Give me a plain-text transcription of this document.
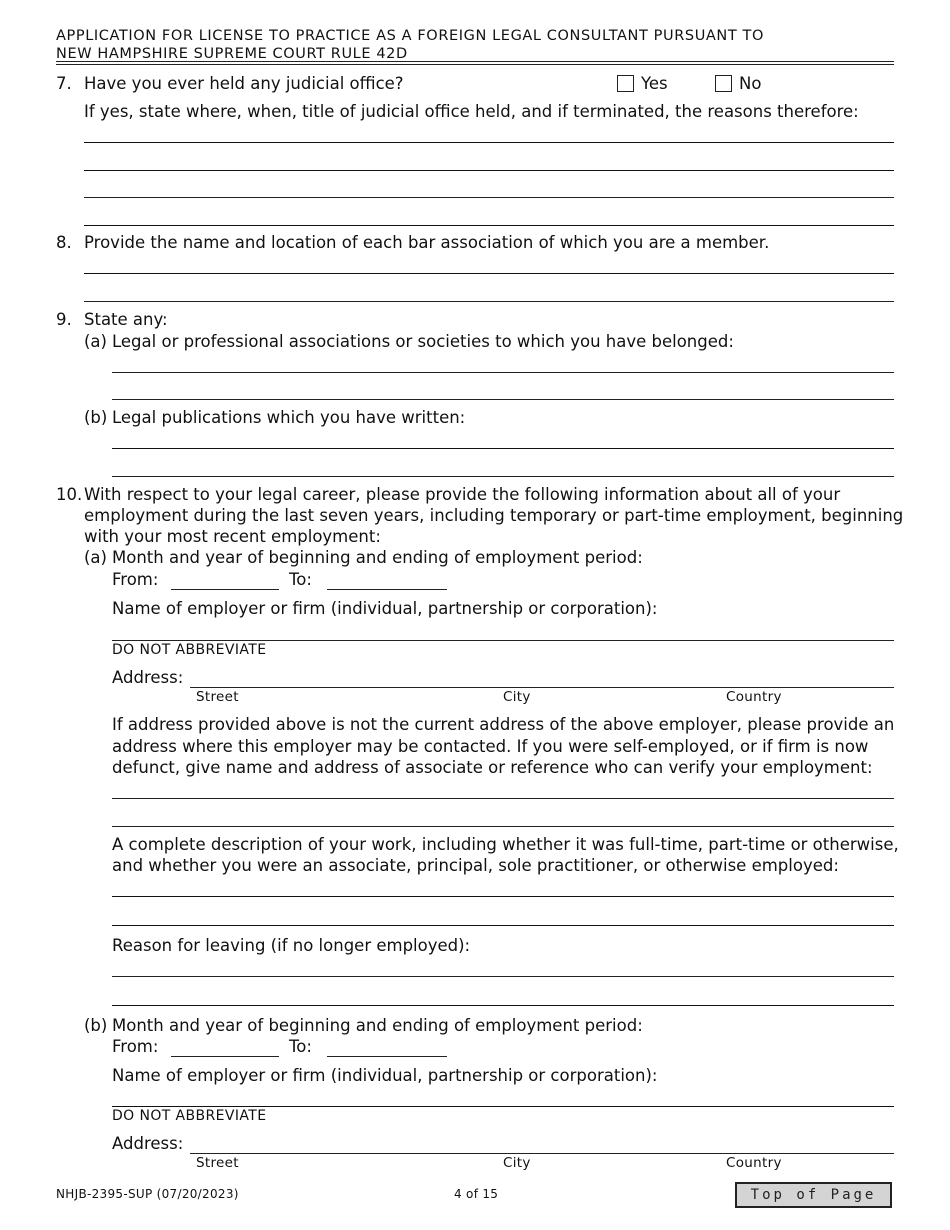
APPLICATION FOR LICENSE TO PRACTICE AS A FOREIGN LEGAL CONSULTANT PURSUANT TO
NEW HAMPSHIRE SUPREME COURT RULE 42D
7. Have you ever held any judicial office?	Yes	No
If yes, state where, when, title of judicial office held, and if terminated, the reasons therefore:
8. Provide the name and location of each bar association of which you are a member.
9. State any:
(a) Legal or professional associations or societies to which you have belonged:
(b) Legal publications which you have written:
10. With respect to your legal career, please provide the following information about all of your
employment during the last seven years, including temporary or part-time employment, beginning
with your most recent employment:
(a) Month and year of beginning and ending of employment period:
From:	To:
Name of employer or firm (individual, partnership or corporation):
DO NOT ABBREVIATE
Address:
Street	City	Country
If address provided above is not the current address of the above employer, please provide an
address where this employer may be contacted. If you were self-employed, or if firm is now
defunct, give name and address of associate or reference who can verify your employment:
A complete description of your work, including whether it was full-time, part-time or otherwise,
and whether you were an associate, principal, sole practitioner, or otherwise employed:
Reason for leaving (if no longer employed):
(b) Month and year of beginning and ending of employment period:
From:	To:
Name of employer or firm (individual, partnership or corporation):
DO NOT ABBREVIATE
Address:
Street	City	Country
NHJB-2395-SUP (07/20/2023)	4 of 15	Top of Page
